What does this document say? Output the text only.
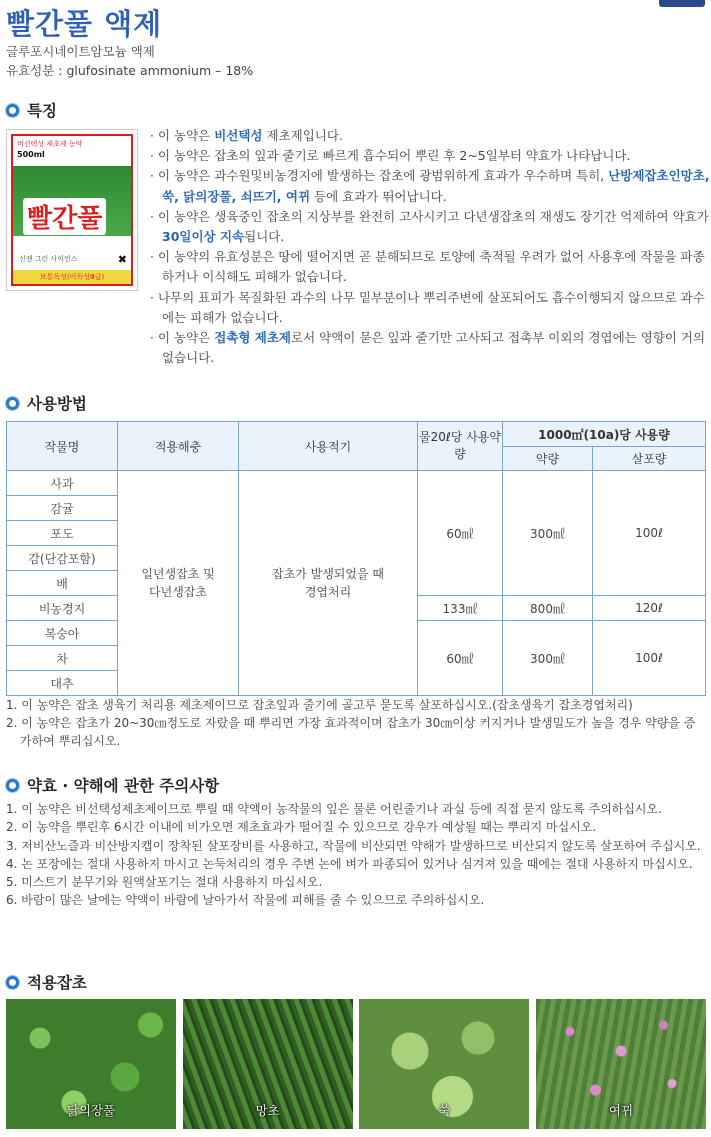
빨간풀 액제
글루포시네이트암모늄 액제
유효성분 : glufosinate ammonium – 18%
특징
비선택성 제초제 농약
500ml
빨간풀
신젠 그린 사이언스	✖
보통독성(어독성Ⅲ급)
· 이 농약은 비선택성 제초제입니다.
· 이 농약은 잡초의 잎과 줄기로 빠르게 흡수되어 뿌린 후 2~5일부터 약효가 나타납니다.
· 이 농약은 과수원및비농경지에 발생하는 잡초에 광범위하게 효과가 우수하며 특히, 난방제잡초인망초, 쑥, 닭의장풀, 쇠뜨기, 여뀌 등에 효과가 뛰어납니다.
· 이 농약은 생육중인 잡초의 지상부를 완전히 고사시키고 다년생잡초의 재생도 장기간 억제하여 약효가 30일이상 지속됩니다.
· 이 농약의 유효성분은 땅에 떨어지면 곧 분해되므로 토양에 축적될 우려가 없어 사용후에 작물을 파종하거나 이식해도 피해가 없습니다.
· 나무의 표피가 목질화된 과수의 나무 밑부분이나 뿌리주변에 살포되어도 흡수이행되지 않으므로 과수에는 피해가 없습니다.
· 이 농약은 접촉형 제초제로서 약액이 묻은 잎과 줄기만 고사되고 접촉부 이외의 경엽에는 영향이 거의 없습니다.
사용방법
작물명	적용해충	사용적기	물20ℓ당 사용약량	1000㎡(10a)당 사용량	
				약량	살포량
사과	일년생잡초 및 다년생잡초	잡초가 발생되었을 때 경엽처리	60㎖	300㎖	100ℓ
감귤					
포도					
감(단감포함)					
배					
비농경지			133㎖	800㎖	120ℓ
복숭아			60㎖	300㎖	100ℓ
차					
대추					
1. 이 농약은 잡초 생육기 처리용 제초제이므로 잡초잎과 줄기에 골고루 묻도록 살포하십시오.(잡초생육기 잡초경엽처리)
2. 이 농약은 잡초가 20~30㎝정도로 자랐을 때 뿌리면 가장 효과적이며 잡초가 30㎝이상 커지거나 발생밀도가 높을 경우 약량을 증가하여 뿌리십시오.
약효 · 약해에 관한 주의사항
1. 이 농약은 비선택성제초제이므로 뿌릴 때 약액이 농작물의 잎은 물론 어린줄기나 과실 등에 직접 묻지 않도록 주의하십시오.
2. 이 농약을 뿌린후 6시간 이내에 비가오면 제초효과가 떨어질 수 있으므로 강우가 예상될 때는 뿌리지 마십시오.
3. 저비산노즐과 비산방지캡이 장착된 살포장비를 사용하고, 작물에 비산되면 약해가 발생하므로 비산되지 않도록 살포하여 주십시오.
4. 논 포장에는 절대 사용하지 마시고 논둑처리의 경우 주변 논에 벼가 파종되어 있거나 심겨져 있을 때에는 절대 사용하지 마십시오.
5. 미스트기 분무기와 원액살포기는 절대 사용하지 마십시오.
6. 바람이 많은 날에는 약액이 바람에 날아가서 작물에 피해를 줄 수 있으므로 주의하십시오.
적용잡초
닭의장풀	망초	쑥	여뀌
